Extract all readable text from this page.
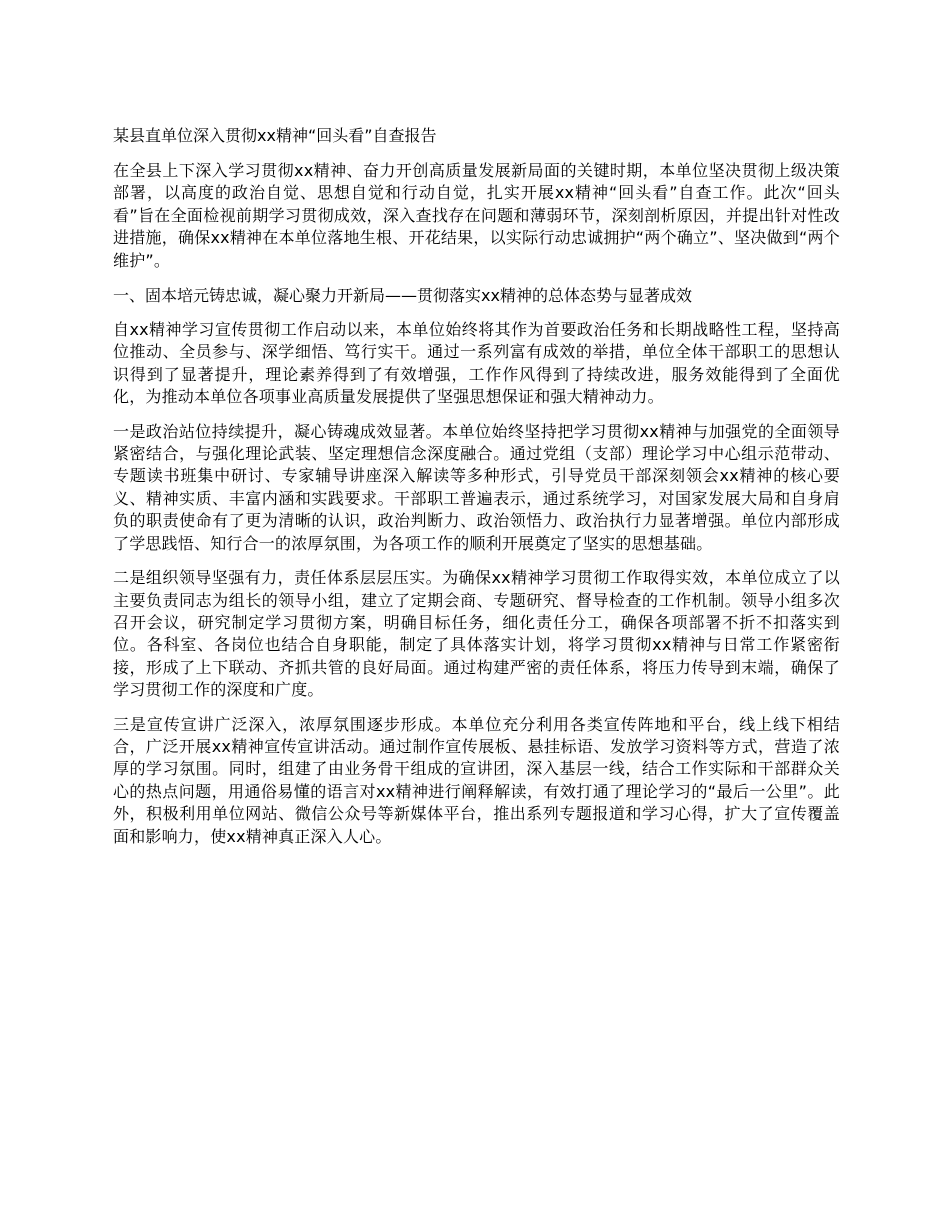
某县直单位深入贯彻xx精神“回头看”自查报告

在全县上下深入学习贯彻xx精神、奋力开创高质量发展新局面的关键时期，本单位坚决贯彻上级决策部署，以高度的政治自觉、思想自觉和行动自觉，扎实开展xx精神“回头看”自查工作。此次“回头看”旨在全面检视前期学习贯彻成效，深入查找存在问题和薄弱环节，深刻剖析原因，并提出针对性改进措施，确保xx精神在本单位落地生根、开花结果，以实际行动忠诚拥护“两个确立”、坚决做到“两个维护”。

一、固本培元铸忠诚，凝心聚力开新局——贯彻落实xx精神的总体态势与显著成效

自xx精神学习宣传贯彻工作启动以来，本单位始终将其作为首要政治任务和长期战略性工程，坚持高位推动、全员参与、深学细悟、笃行实干。通过一系列富有成效的举措，单位全体干部职工的思想认识得到了显著提升，理论素养得到了有效增强，工作作风得到了持续改进，服务效能得到了全面优化，为推动本单位各项事业高质量发展提供了坚强思想保证和强大精神动力。

一是政治站位持续提升，凝心铸魂成效显著。本单位始终坚持把学习贯彻xx精神与加强党的全面领导紧密结合，与强化理论武装、坚定理想信念深度融合。通过党组（支部）理论学习中心组示范带动、专题读书班集中研讨、专家辅导讲座深入解读等多种形式，引导党员干部深刻领会xx精神的核心要义、精神实质、丰富内涵和实践要求。干部职工普遍表示，通过系统学习，对国家发展大局和自身肩负的职责使命有了更为清晰的认识，政治判断力、政治领悟力、政治执行力显著增强。单位内部形成了学思践悟、知行合一的浓厚氛围，为各项工作的顺利开展奠定了坚实的思想基础。

二是组织领导坚强有力，责任体系层层压实。为确保xx精神学习贯彻工作取得实效，本单位成立了以主要负责同志为组长的领导小组，建立了定期会商、专题研究、督导检查的工作机制。领导小组多次召开会议，研究制定学习贯彻方案，明确目标任务，细化责任分工，确保各项部署不折不扣落实到位。各科室、各岗位也结合自身职能，制定了具体落实计划，将学习贯彻xx精神与日常工作紧密衔接，形成了上下联动、齐抓共管的良好局面。通过构建严密的责任体系，将压力传导到末端，确保了学习贯彻工作的深度和广度。

三是宣传宣讲广泛深入，浓厚氛围逐步形成。本单位充分利用各类宣传阵地和平台，线上线下相结合，广泛开展xx精神宣传宣讲活动。通过制作宣传展板、悬挂标语、发放学习资料等方式，营造了浓厚的学习氛围。同时，组建了由业务骨干组成的宣讲团，深入基层一线，结合工作实际和干部群众关心的热点问题，用通俗易懂的语言对xx精神进行阐释解读，有效打通了理论学习的“最后一公里”。此外，积极利用单位网站、微信公众号等新媒体平台，推出系列专题报道和学习心得，扩大了宣传覆盖面和影响力，使xx精神真正深入人心。
